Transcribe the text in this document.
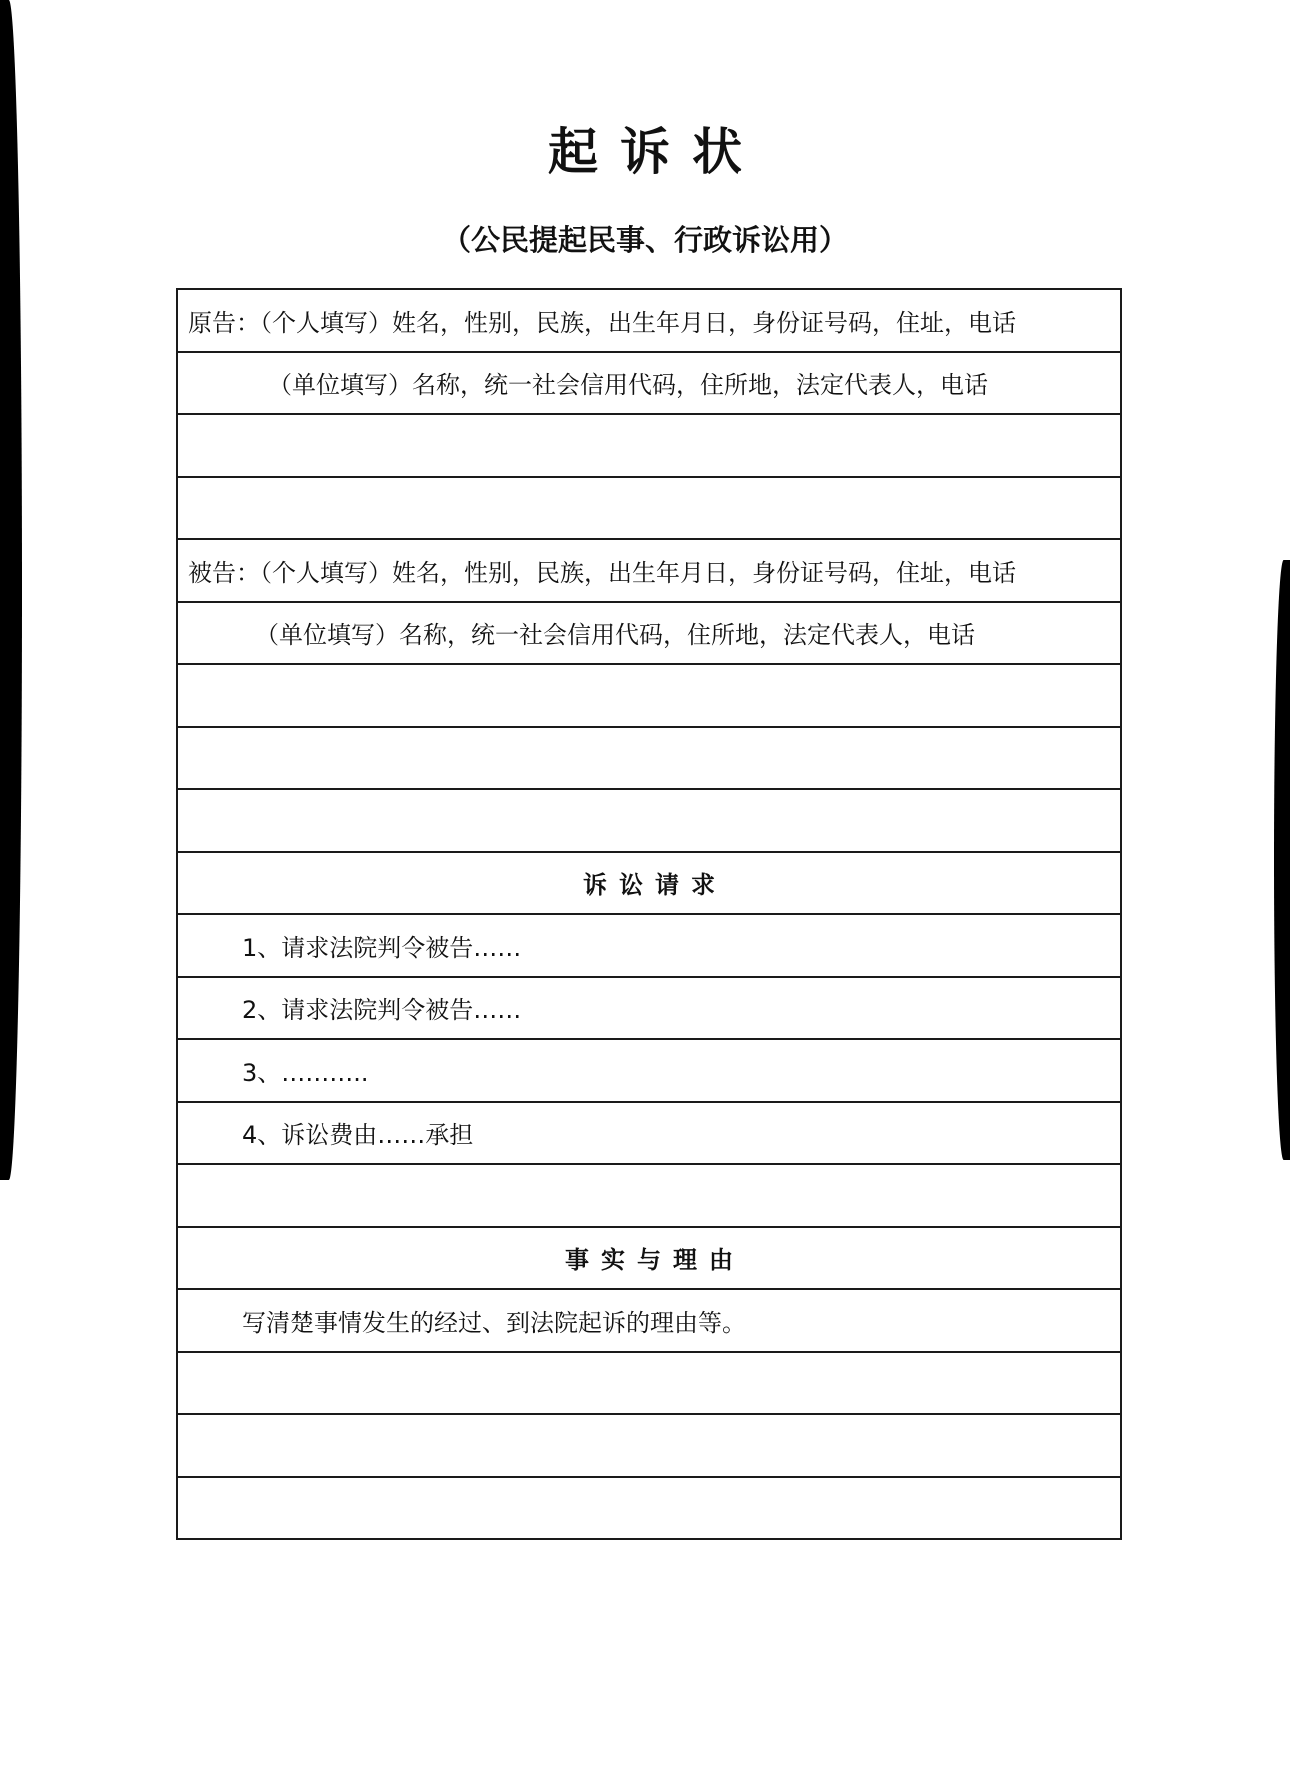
起诉状
（公民提起民事、行政诉讼用）
原告：（个人填写）姓名，性别，民族，出生年月日，身份证号码，住址，电话
（单位填写）名称，统一社会信用代码，住所地，法定代表人，电话
被告：（个人填写）姓名，性别，民族，出生年月日，身份证号码，住址，电话
（单位填写）名称，统一社会信用代码，住所地，法定代表人，电话
诉讼请求
1、请求法院判令被告……
2、请求法院判令被告……
3、………..
4、诉讼费由……承担
事实与理由
写清楚事情发生的经过、到法院起诉的理由等。
